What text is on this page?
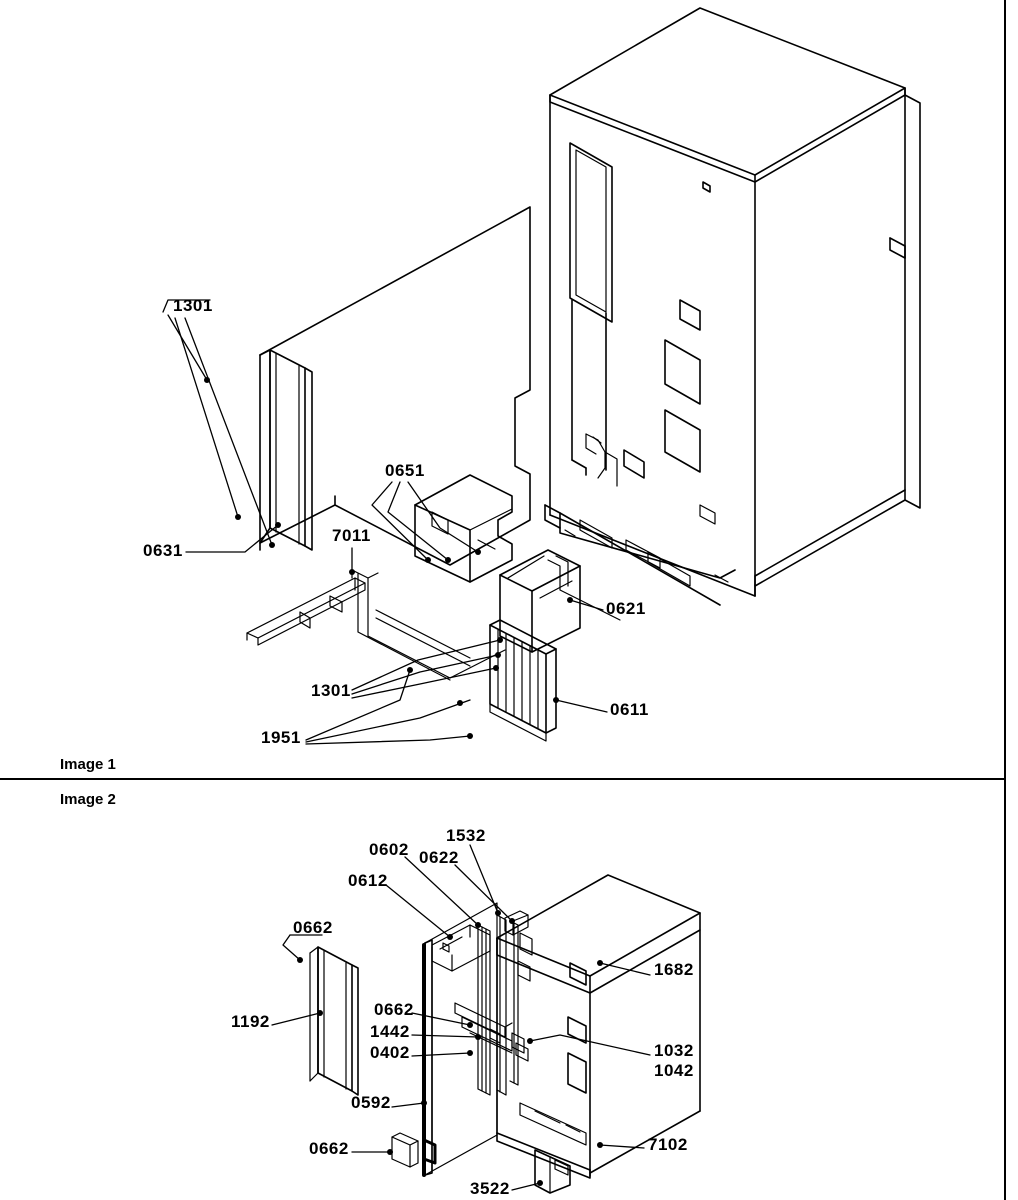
1301
0631
0651
7011
0621
1301
0611
1951
Image 1
1532
0602 0622
0612
0662
1682
1192
0662
1442
0402	1032
1042
0592
0662	7102
3522
Image 2
